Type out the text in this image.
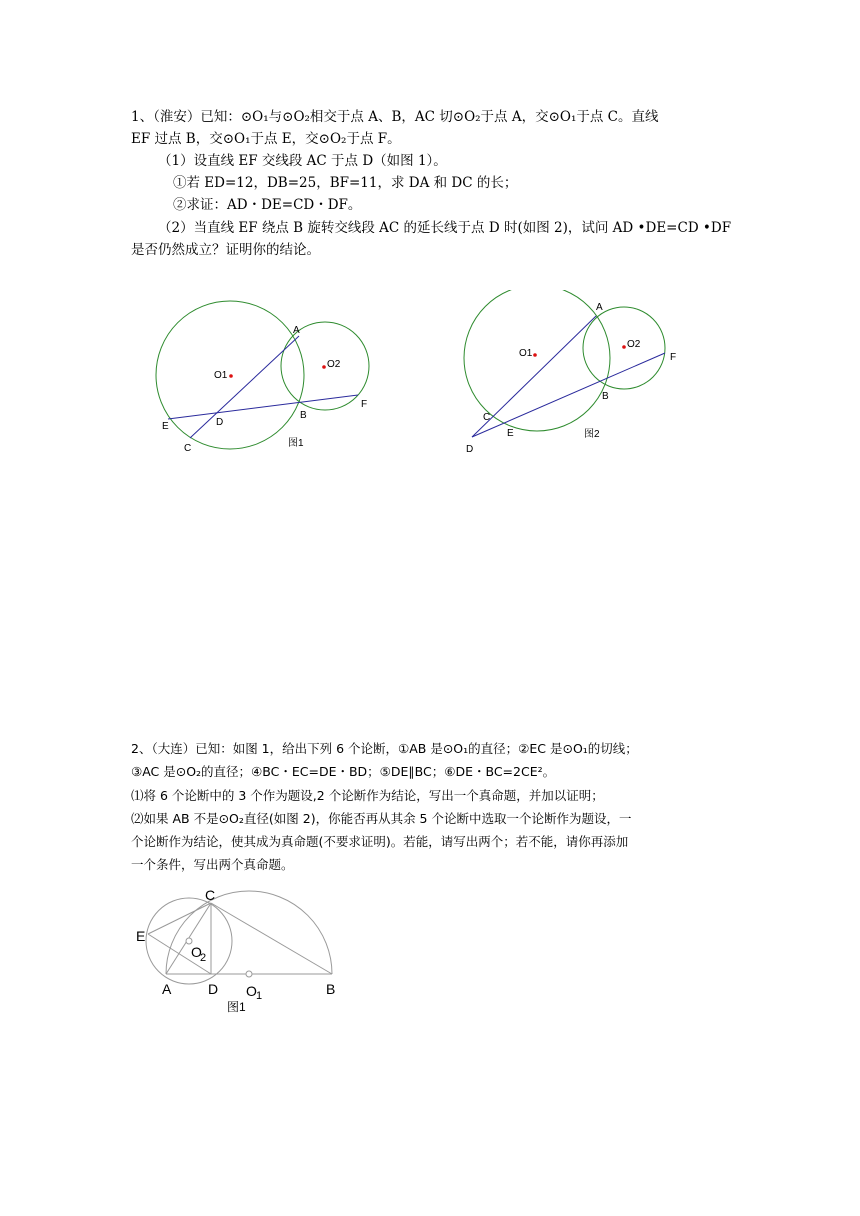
1、（淮安）已知：⊙O₁与⊙O₂相交于点 A、B，AC 切⊙O₂于点 A，交⊙O₁于点 C。直线

EF 过点 B，交⊙O₁于点 E，交⊙O₂于点 F。

（1）设直线 EF 交线段 AC 于点 D（如图 1）。

①若 ED=12，DB=25，BF=11，求 DA 和 DC 的长；

②求证：AD・DE=CD・DF。

（2）当直线 EF 绕点 B 旋转交线段 AC 的延长线于点 D 时(如图 2)，试问 AD •DE=CD •DF

是否仍然成立？证明你的结论。

A
O1
O2
B
F
D
E
C	图1
A
O1
O2
F
B
C
E
D
图2

2、（大连）已知：如图 1，给出下列 6 个论断，①AB 是⊙O₁的直径；②EC 是⊙O₁的切线；

③AC 是⊙O₂的直径；④BC・EC=DE・BD；⑤DE∥BC；⑥DE・BC=2CE²。

⑴将 6 个论断中的 3 个作为题设,2 个论断作为结论，写出一个真命题，并加以证明；

⑵如果 AB 不是⊙O₂直径(如图 2)，你能否再从其余 5 个论断中选取一个论断作为题设，一

个论断作为结论，使其成为真命题(不要求证明)。若能，请写出两个；若不能，请你再添加

一个条件，写出两个真命题。

C
E
O
2
A	D O 1	B
图1
